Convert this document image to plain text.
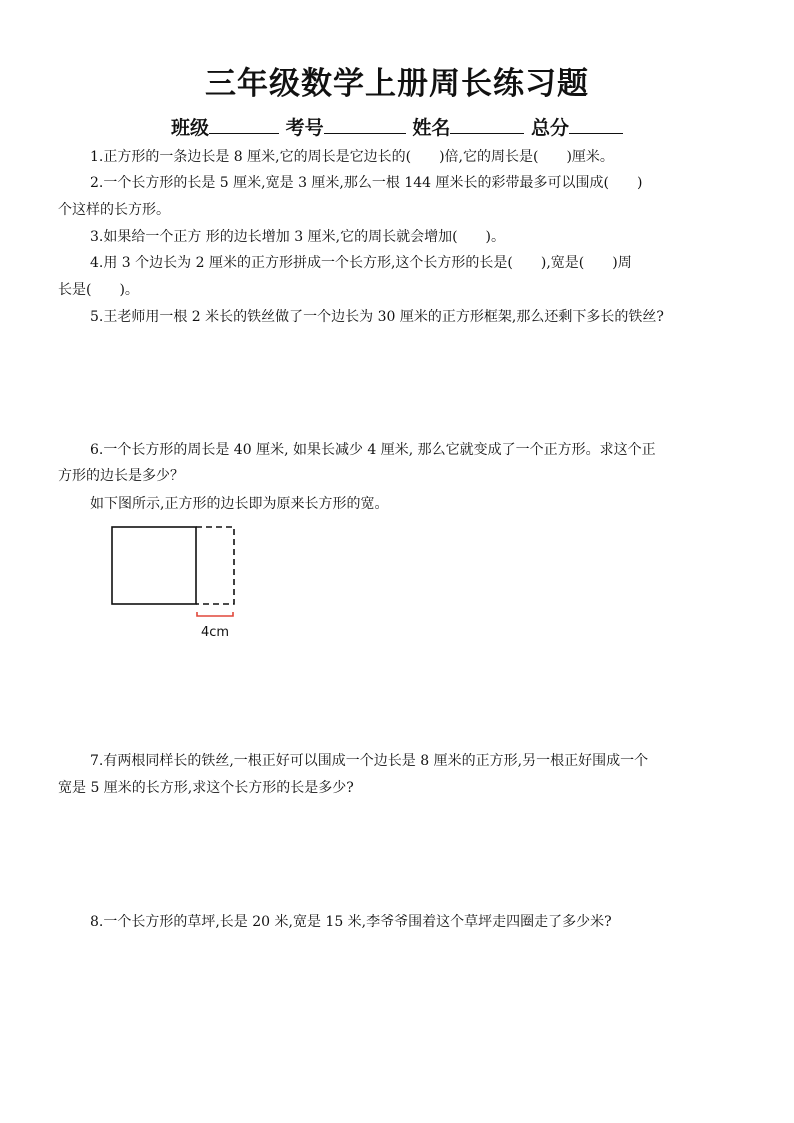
三年级数学上册周长练习题
班级	考号	姓名	总分
1.正方形的一条边长是 8 厘米,它的周长是它边长的(　　)倍,它的周长是(　　)厘米。
2.一个长方形的长是 5 厘米,宽是 3 厘米,那么一根 144 厘米长的彩带最多可以围成(　　)
个这样的长方形。
3.如果给一个正方 形的边长增加 3 厘米,它的周长就会增加(　　)。
4.用 3 个边长为 2 厘米的正方形拼成一个长方形,这个长方形的长是(　　),宽是(　　)周
长是(　　)。
5.王老师用一根 2 米长的铁丝做了一个边长为 30 厘米的正方形框架,那么还剩下多长的铁丝?
6.一个长方形的周长是 40 厘米, 如果长减少 4 厘米, 那么它就变成了一个正方形。求这个正
方形的边长是多少？
如下图所示,正方形的边长即为原来长方形的宽。
4cm
7.有两根同样长的铁丝,一根正好可以围成一个边长是 8 厘米的正方形,另一根正好围成一个
宽是 5 厘米的长方形,求这个长方形的长是多少?
8.一个长方形的草坪,长是 20 米,宽是 15 米,李爷爷围着这个草坪走四圈走了多少米?
